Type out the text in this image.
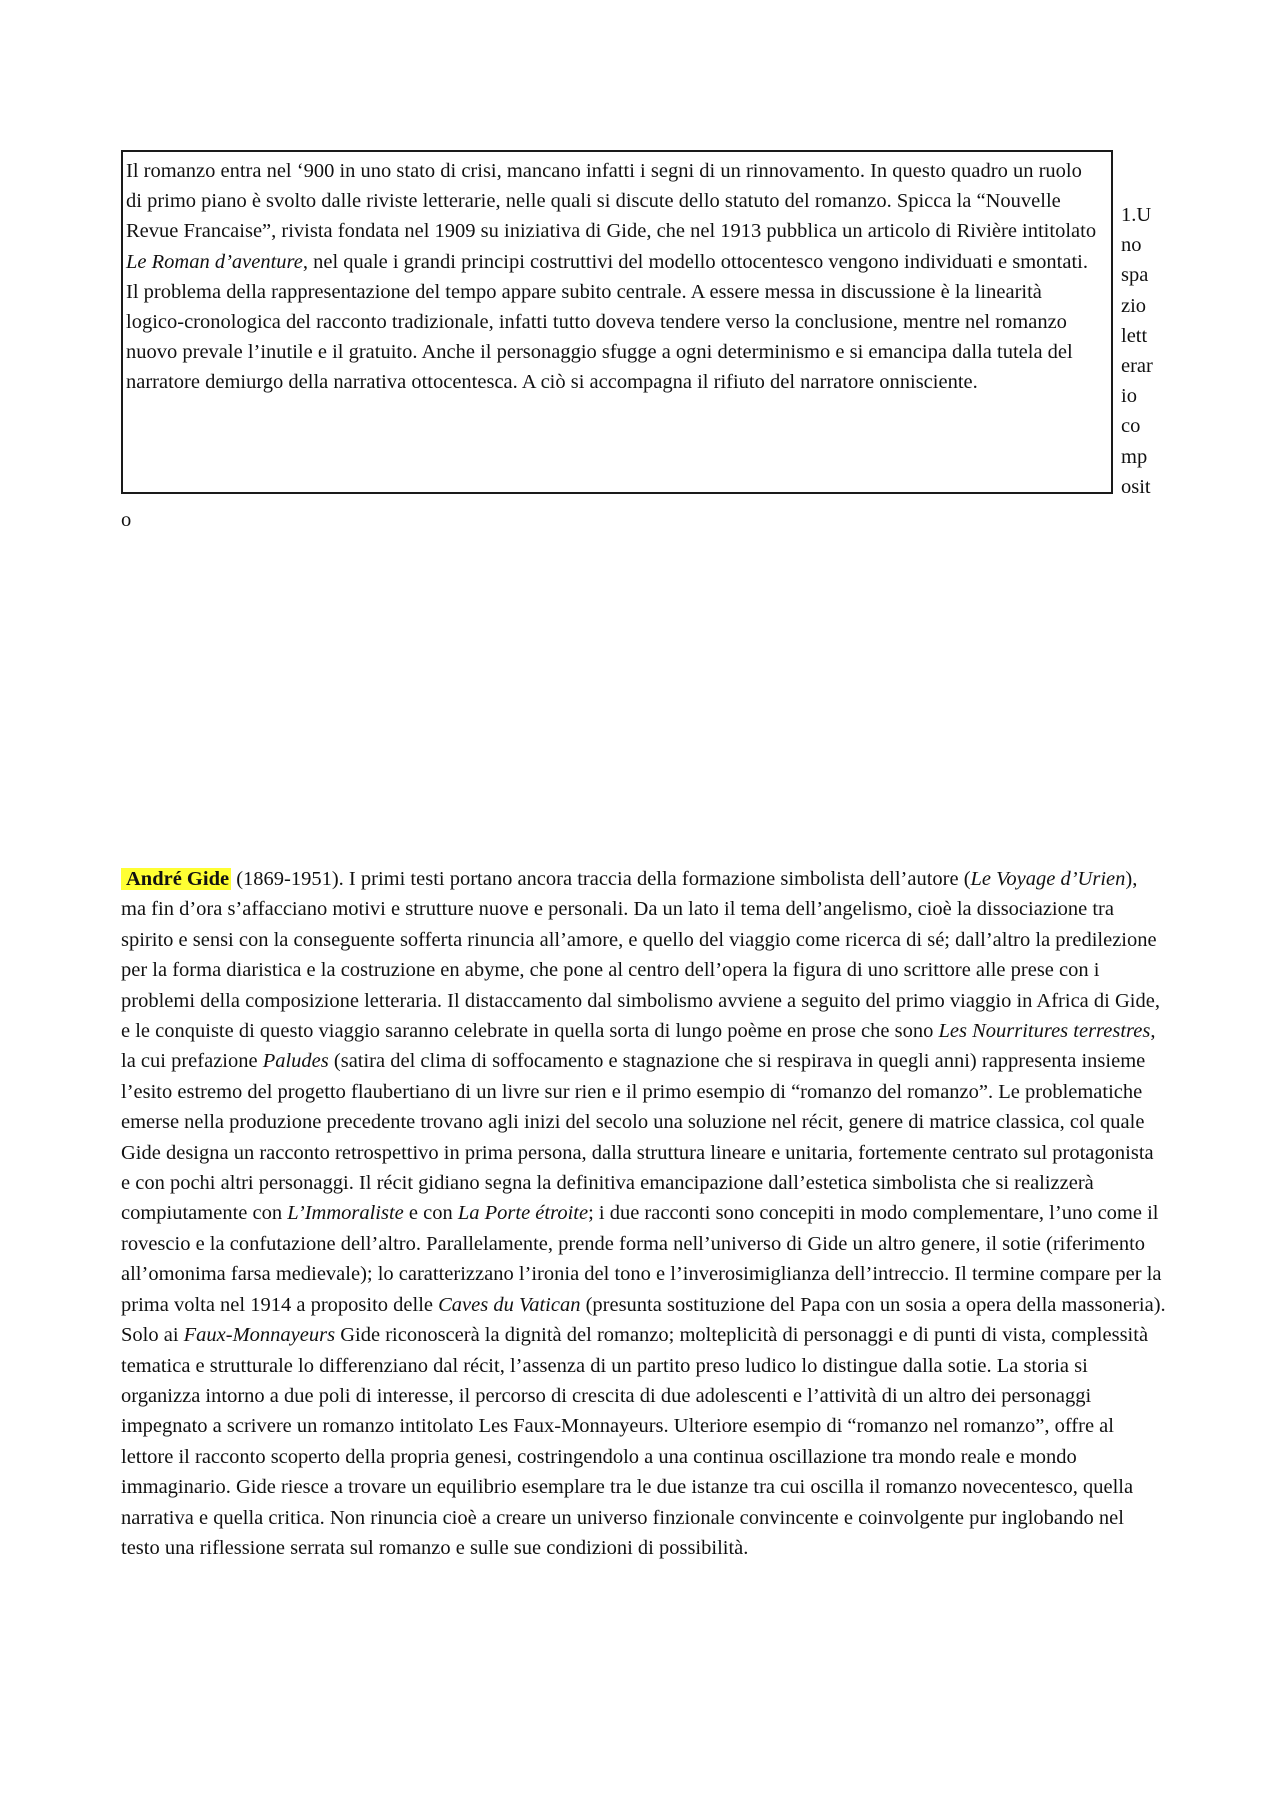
Il romanzo entra nel ‘900 in uno stato di crisi, mancano infatti i segni di un rinnovamento. In questo quadro un ruolo di primo piano è svolto dalle riviste letterarie, nelle quali si discute dello statuto del romanzo. Spicca la “Nouvelle Revue Francaise”, rivista fondata nel 1909 su iniziativa di Gide, che nel 1913 pubblica un articolo di Rivière intitolato Le Roman d’aventure, nel quale i grandi principi costruttivi del modello ottocentesco vengono individuati e smontati. Il problema della rappresentazione del tempo appare subito centrale. A essere messa in discussione è la linearità logico-cronologica del racconto tradizionale, infatti tutto doveva tendere verso la conclusione, mentre nel romanzo nuovo prevale l’inutile e il gratuito. Anche il personaggio sfugge a ogni determinismo e si emancipa dalla tutela del narratore demiurgo della narrativa ottocentesca. A ciò si accompagna il rifiuto del narratore onnisciente.
1.U
no
spa
zio
lett
erar
io
co
mp
osit
o
André Gide (1869-1951). I primi testi portano ancora traccia della formazione simbolista dell’autore (Le Voyage d’Urien), ma fin d’ora s’affacciano motivi e strutture nuove e personali. Da un lato il tema dell’angelismo, cioè la dissociazione tra spirito e sensi con la conseguente sofferta rinuncia all’amore, e quello del viaggio come ricerca di sé; dall’altro la predilezione per la forma diaristica e la costruzione en abyme, che pone al centro dell’opera la figura di uno scrittore alle prese con i problemi della composizione letteraria. Il distaccamento dal simbolismo avviene a seguito del primo viaggio in Africa di Gide, e le conquiste di questo viaggio saranno celebrate in quella sorta di lungo poème en prose che sono Les Nourritures terrestres, la cui prefazione Paludes (satira del clima di soffocamento e stagnazione che si respirava in quegli anni) rappresenta insieme l’esito estremo del progetto flaubertiano di un livre sur rien e il primo esempio di “romanzo del romanzo”. Le problematiche emerse nella produzione precedente trovano agli inizi del secolo una soluzione nel récit, genere di matrice classica, col quale Gide designa un racconto retrospettivo in prima persona, dalla struttura lineare e unitaria, fortemente centrato sul protagonista e con pochi altri personaggi. Il récit gidiano segna la definitiva emancipazione dall’estetica simbolista che si realizzerà compiutamente con L’Immoraliste e con La Porte étroite; i due racconti sono concepiti in modo complementare, l’uno come il rovescio e la confutazione dell’altro. Parallelamente, prende forma nell’universo di Gide un altro genere, il sotie (riferimento all’omonima farsa medievale); lo caratterizzano l’ironia del tono e l’inverosimiglianza dell’intreccio. Il termine compare per la prima volta nel 1914 a proposito delle Caves du Vatican (presunta sostituzione del Papa con un sosia a opera della massoneria). Solo ai Faux-Monnayeurs Gide riconoscerà la dignità del romanzo; molteplicità di personaggi e di punti di vista, complessità tematica e strutturale lo differenziano dal récit, l’assenza di un partito preso ludico lo distingue dalla sotie. La storia si organizza intorno a due poli di interesse, il percorso di crescita di due adolescenti e l’attività di un altro dei personaggi impegnato a scrivere un romanzo intitolato Les Faux-Monnayeurs. Ulteriore esempio di “romanzo nel romanzo”, offre al lettore il racconto scoperto della propria genesi, costringendolo a una continua oscillazione tra mondo reale e mondo immaginario. Gide riesce a trovare un equilibrio esemplare tra le due istanze tra cui oscilla il romanzo novecentesco, quella narrativa e quella critica. Non rinuncia cioè a creare un universo finzionale convincente e coinvolgente pur inglobando nel testo una riflessione serrata sul romanzo e sulle sue condizioni di possibilità.
